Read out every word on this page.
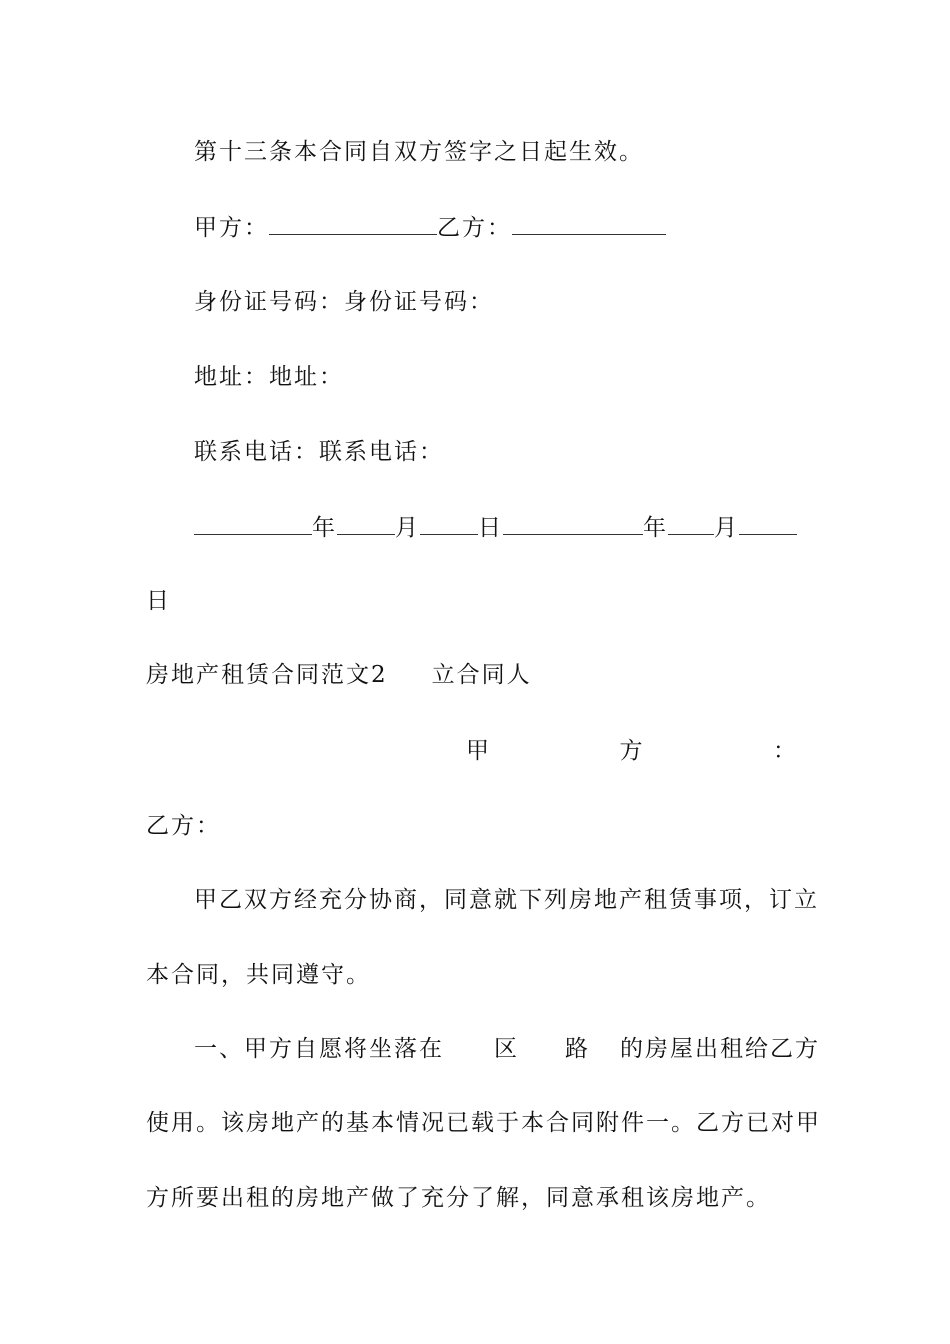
第十三条本合同自双方签字之日起生效。
甲方：	乙方：
身份证号码：身份证号码：
地址：地址：
联系电话：联系电话：
年	月	日	年 月
日
房地产租赁合同范文2 立合同人
甲	方	：
乙方：
甲乙双方经充分协商，同意就下列房地产租赁事项，订立
本合同，共同遵守。
一、甲方自愿将坐落在 区 路 的房屋出租给乙方
使用。该房地产的基本情况已载于本合同附件一。乙方已对甲
方所要出租的房地产做了充分了解，同意承租该房地产。
